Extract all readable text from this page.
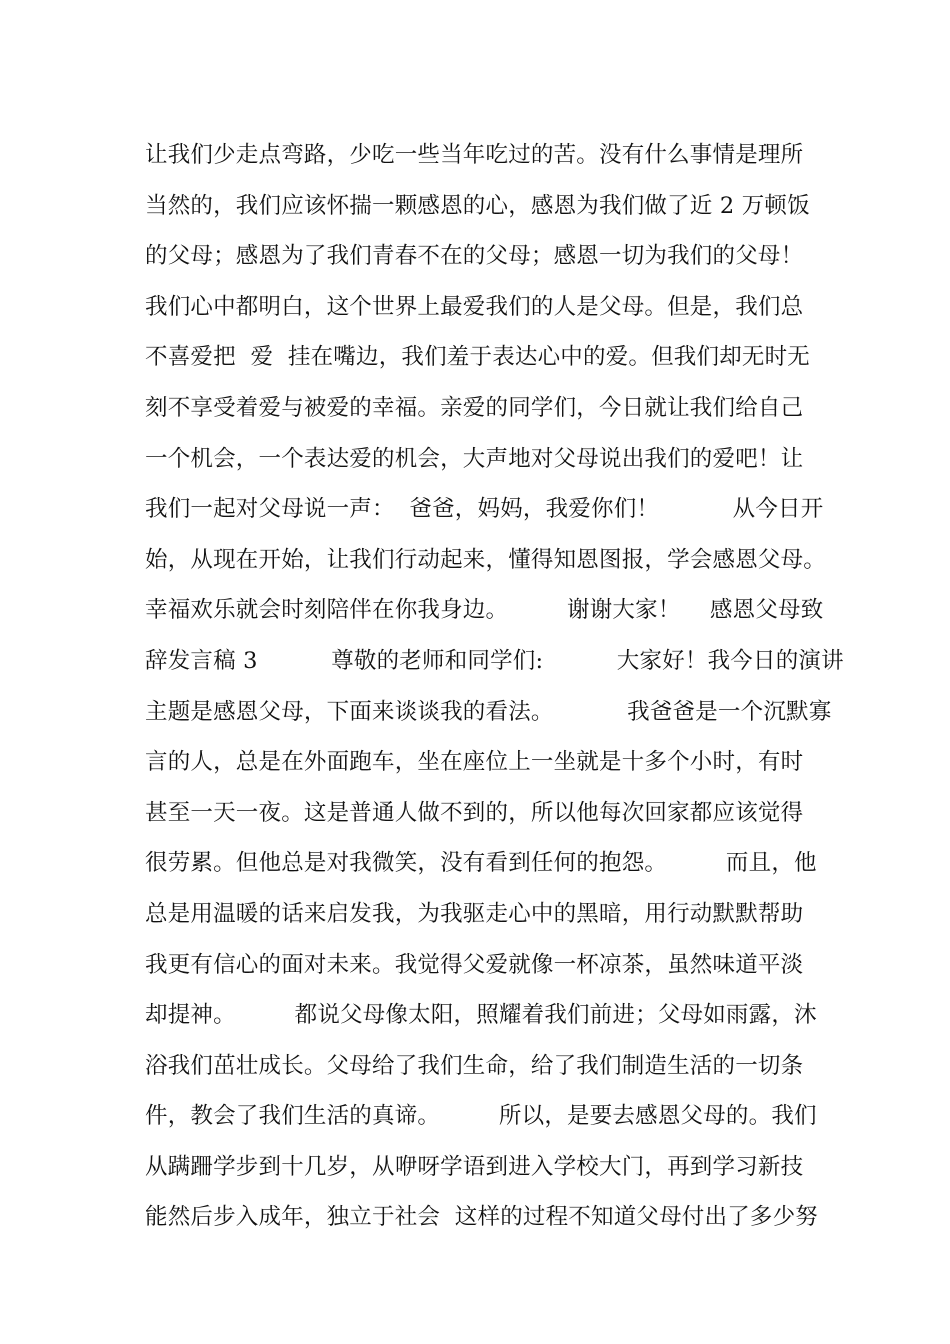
让我们少走点弯路，少吃一些当年吃过的苦。没有什么事情是理所
当然的，我们应该怀揣一颗感恩的心，感恩为我们做了近 2 万顿饭
的父母；感恩为了我们青春不在的父母；感恩一切为我们的父母！
我们心中都明白，这个世界上最爱我们的人是父母。但是，我们总
不喜爱把  爱  挂在嘴边，我们羞于表达心中的爱。但我们却无时无
刻不享受着爱与被爱的幸福。亲爱的同学们，今日就让我们给自己
一个机会，一个表达爱的机会，大声地对父母说出我们的爱吧！让
我们一起对父母说一声：  爸爸，妈妈，我爱你们！          从今日开
始，从现在开始，让我们行动起来，懂得知恩图报，学会感恩父母。
幸福欢乐就会时刻陪伴在你我身边。        谢谢大家！    感恩父母致
辞发言稿 3          尊敬的老师和同学们:          大家好！我今日的演讲
主题是感恩父母，下面来谈谈我的看法。          我爸爸是一个沉默寡
言的人，总是在外面跑车，坐在座位上一坐就是十多个小时，有时
甚至一天一夜。这是普通人做不到的，所以他每次回家都应该觉得
很劳累。但他总是对我微笑，没有看到任何的抱怨。        而且，他
总是用温暖的话来启发我，为我驱走心中的黑暗，用行动默默帮助
我更有信心的面对未来。我觉得父爱就像一杯凉茶，虽然味道平淡
却提神。        都说父母像太阳，照耀着我们前进；父母如雨露，沐
浴我们茁壮成长。父母给了我们生命，给了我们制造生活的一切条
件，教会了我们生活的真谛。        所以，是要去感恩父母的。我们
从蹒跚学步到十几岁，从咿呀学语到进入学校大门，再到学习新技
能然后步入成年，独立于社会  这样的过程不知道父母付出了多少努
